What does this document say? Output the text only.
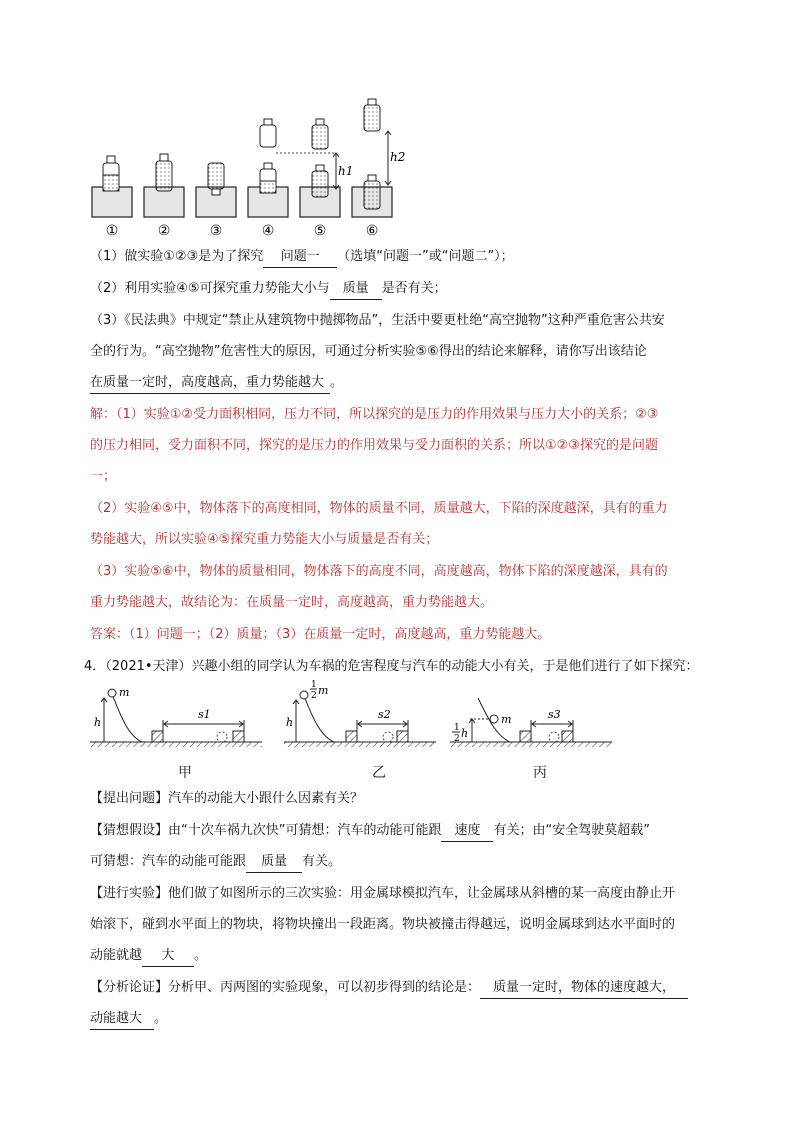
h1
h2
①	②	③	④	⑤	⑥
（1）做实验①②③是为了探究 问题一 （选填“问题一”或“问题二”）；
（2）利用实验④⑤可探究重力势能大小与 质量 是否有关；
（3）《民法典》中规定“禁止从建筑物中抛掷物品”，生活中要更杜绝“高空抛物”这种严重危害公共安
全的行为。“高空抛物”危害性大的原因，可通过分析实验⑤⑥得出的结论来解释，请你写出该结论
在质量一定时，高度越高，重力势能越大 。
解：（1）实验①②受力面积相同，压力不同，所以探究的是压力的作用效果与压力大小的关系；②③
的压力相同，受力面积不同，探究的是压力的作用效果与受力面积的关系；所以①②③探究的是问题
一；
（2）实验④⑤中，物体落下的高度相同，物体的质量不同，质量越大，下陷的深度越深，具有的重力
势能越大，所以实验④⑤探究重力势能大小与质量是否有关；
（3）实验⑤⑥中，物体的质量相同，物体落下的高度不同，高度越高，物体下陷的深度越深，具有的
重力势能越大，故结论为：在质量一定时，高度越高，重力势能越大。
答案：（1）问题一；（2）质量；（3）在质量一定时，高度越高，重力势能越大。
4．（2021•天津）兴趣小组的同学认为车祸的危害程度与汽车的动能大小有关，于是他们进行了如下探究：
m
h
s1
1
2 m
h
s2	m
1
2 h
s3
甲	乙	丙
【提出问题】汽车的动能大小跟什么因素有关？
【猜想假设】由“十次车祸九次快”可猜想：汽车的动能可能跟 速度 有关；由“安全驾驶莫超载”
可猜想：汽车的动能可能跟 质量 有关。
【进行实验】他们做了如图所示的三次实验：用金属球模拟汽车，让金属球从斜槽的某一高度由静止开
始滚下，碰到水平面上的物块，将物块撞出一段距离。物块被撞击得越远，说明金属球到达水平面时的
动能就越 大 。
【分析论证】分析甲、丙两图的实验现象，可以初步得到的结论是： 质量一定时，物体的速度越大，
动能越大 。
